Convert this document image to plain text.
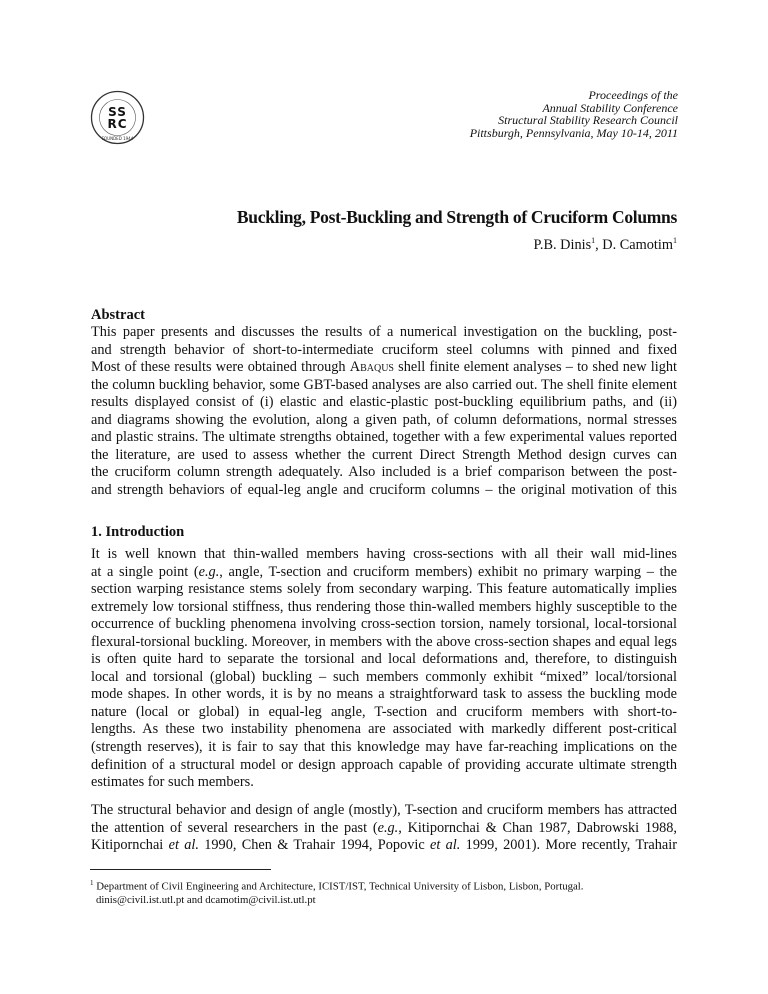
SS
RC
FOUNDED 1944
Proceedings of the
Annual Stability Conference
Structural Stability Research Council
Pittsburgh, Pennsylvania, May 10-14, 2011
Buckling, Post-Buckling and Strength of Cruciform Columns
P.B. Dinis$^1$, D. Camotim$^1$
Abstract
This paper presents and discusses the results of a numerical investigation on the buckling, post-
and strength behavior of short-to-intermediate cruciform steel columns with pinned and fixed
Most of these results were obtained through Abaqus shell finite element analyses – to shed new light
the column buckling behavior, some GBT-based analyses are also carried out. The shell finite element
results displayed consist of (i) elastic and elastic-plastic post-buckling equilibrium paths, and (ii)
and diagrams showing the evolution, along a given path, of column deformations, normal stresses
and plastic strains. The ultimate strengths obtained, together with a few experimental values reported
the literature, are used to assess whether the current Direct Strength Method design curves can
the cruciform column strength adequately. Also included is a brief comparison between the post-
and strength behaviors of equal-leg angle and cruciform columns – the original motivation of this
1. Introduction
It is well known that thin-walled members having cross-sections with all their wall mid-lines
at a single point (e.g., angle, T-section and cruciform members) exhibit no primary warping – the
section warping resistance stems solely from secondary warping. This feature automatically implies
extremely low torsional stiffness, thus rendering those thin-walled members highly susceptible to the
occurrence of buckling phenomena involving cross-section torsion, namely torsional, local-torsional
flexural-torsional buckling. Moreover, in members with the above cross-section shapes and equal legs
is often quite hard to separate the torsional and local deformations and, therefore, to distinguish
local and torsional (global) buckling – such members commonly exhibit “mixed” local/torsional
mode shapes. In other words, it is by no means a straightforward task to assess the buckling mode
nature (local or global) in equal-leg angle, T-section and cruciform members with short-to-
lengths. As these two instability phenomena are associated with markedly different post-critical
(strength reserves), it is fair to say that this knowledge may have far-reaching implications on the
definition of a structural model or design approach capable of providing accurate ultimate strength
estimates for such members.
The structural behavior and design of angle (mostly), T-section and cruciform members has attracted
the attention of several researchers in the past (e.g., Kitipornchai & Chan 1987, Dabrowski 1988,
Kitipornchai et al. 1990, Chen & Trahair 1994, Popovic et al. 1999, 2001). More recently, Trahair
$^1$ Department of Civil Engineering and Architecture, ICIST/IST, Technical University of Lisbon, Lisbon, Portugal.
dinis@civil.ist.utl.pt and dcamotim@civil.ist.utl.pt
